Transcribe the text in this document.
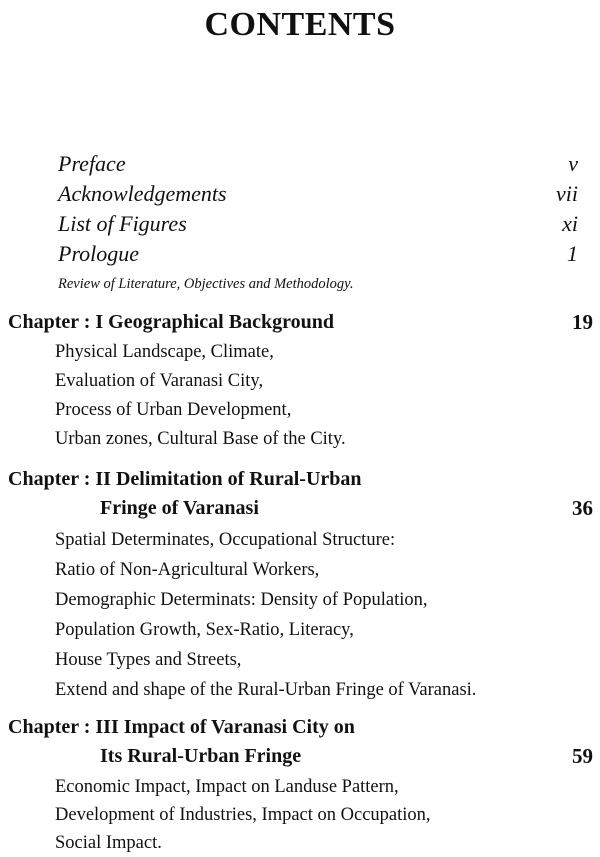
CONTENTS
Preface	v
Acknowledgements	vii
List of Figures	xi
Prologue	1
Review of Literature, Objectives and Methodology.
Chapter : I Geographical Background	19
Physical Landscape, Climate,
Evaluation of Varanasi City,
Process of Urban Development,
Urban zones, Cultural Base of the City.
Chapter : II Delimitation of Rural-Urban
Fringe of Varanasi	36
Spatial Determinates, Occupational Structure:
Ratio of Non-Agricultural Workers,
Demographic Determinats: Density of Population,
Population Growth, Sex-Ratio, Literacy,
House Types and Streets,
Extend and shape of the Rural-Urban Fringe of Varanasi.
Chapter : III Impact of Varanasi City on
Its Rural-Urban Fringe	59
Economic Impact, Impact on Landuse Pattern,
Development of Industries, Impact on Occupation,
Social Impact.
